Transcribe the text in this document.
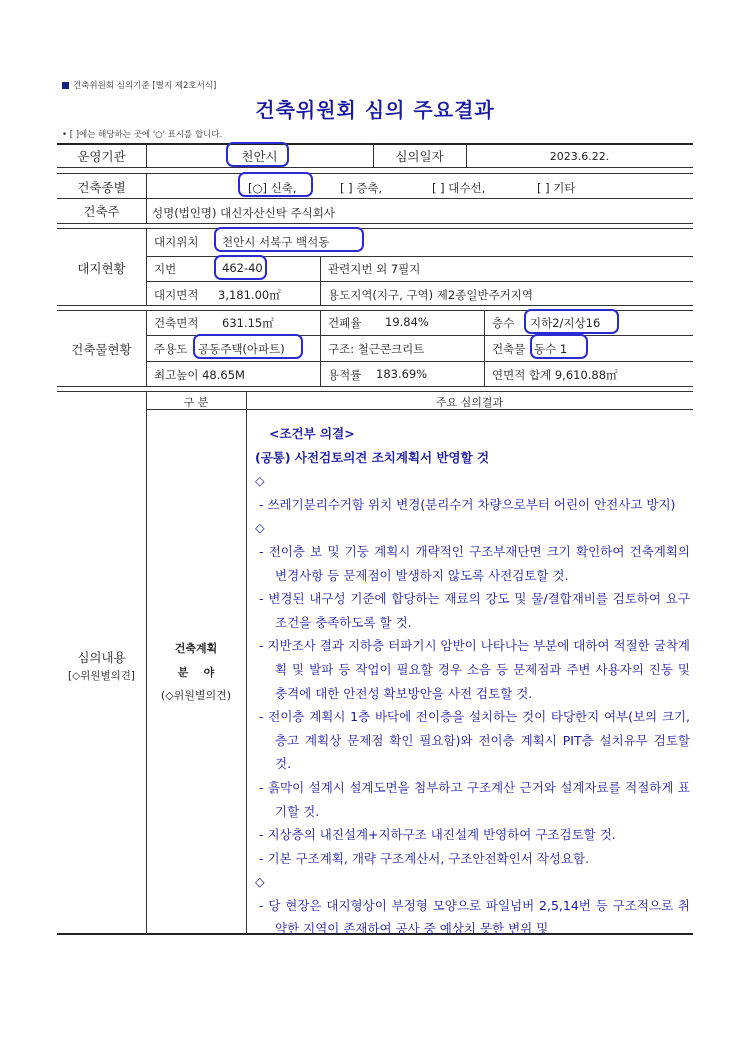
건축위원회 심의기준 [별지 제2호서식]
건축위원회 심의 주요결과
• [ ]에는 해당하는 곳에 '○' 표시를 합니다.
운영기관	천안시	심의일자	2023.6.22.
건축종별	[○] 신축,	[ ] 증축,	[ ] 대수선,	[ ] 기타
건축주	성명(법인명) 대신자산신탁 주식회사
대지현황
대지위치 천안시 서북구 백석동
지번	462-40	관련지번 외 7필지
대지면적 3,181.00㎡	용도지역(지구, 구역) 제2종일반주거지역
건축물현황
건축면적 631.15㎡	건폐율 19.84%	층수 지하2/지상16
주용도 공동주택(아파트)	구조: 철근콘크리트	건축물 동수 1
최고높이 48.65M	용적률 183.69%	연면적 합계 9,610.88㎡
구 분	주요 심의결과
심의내용
[◇위원별의견]
건축계획
분    야
(◇위원별의견)

<조건부 의결>

(공통) 사전검토의견 조치계획서 반영할 것

◇

- 쓰레기분리수거함 위치 변경(분리수거 차량으로부터 어린이 안전사고 방지)

◇

- 전이층 보 및 기둥 계획시 개략적인 구조부재단면 크기 확인하여 건축계획의 변경사항 등 문제점이 발생하지 않도록 사전검토할 것.

- 변경된 내구성 기준에 합당하는 재료의 강도 및 물/결합재비를 검토하여 요구조건을 충족하도록 할 것.

- 지반조사 결과 지하층 터파기시 암반이 나타나는 부분에 대하여 적절한 굴착계획 및 발파 등 작업이 필요할 경우 소음 등 문제점과 주변 사용자의 진동 및 충격에 대한 안전성 확보방안을 사전 검토할 것.

- 전이층 계획시 1층 바닥에 전이층을 설치하는 것이 타당한지 여부(보의 크기, 층고 계획상 문제점 확인 필요함)와 전이층 계획시 PIT층 설치유무 검토할 것.

- 흙막이 설계시 설계도면을 첨부하고 구조계산 근거와 설계자료를 적절하게 표기할 것.

- 지상층의 내진설계+지하구조 내진설계 반영하여 구조검토할 것.

- 기본 구조계획, 개략 구조계산서, 구조안전확인서 작성요함.

◇

- 당 현장은 대지형상이 부정형 모양으로 파일넘버 2,5,14번 등 구조적으로 취약한 지역이 존재하여 공사 중 예상치 못한 변위 및
